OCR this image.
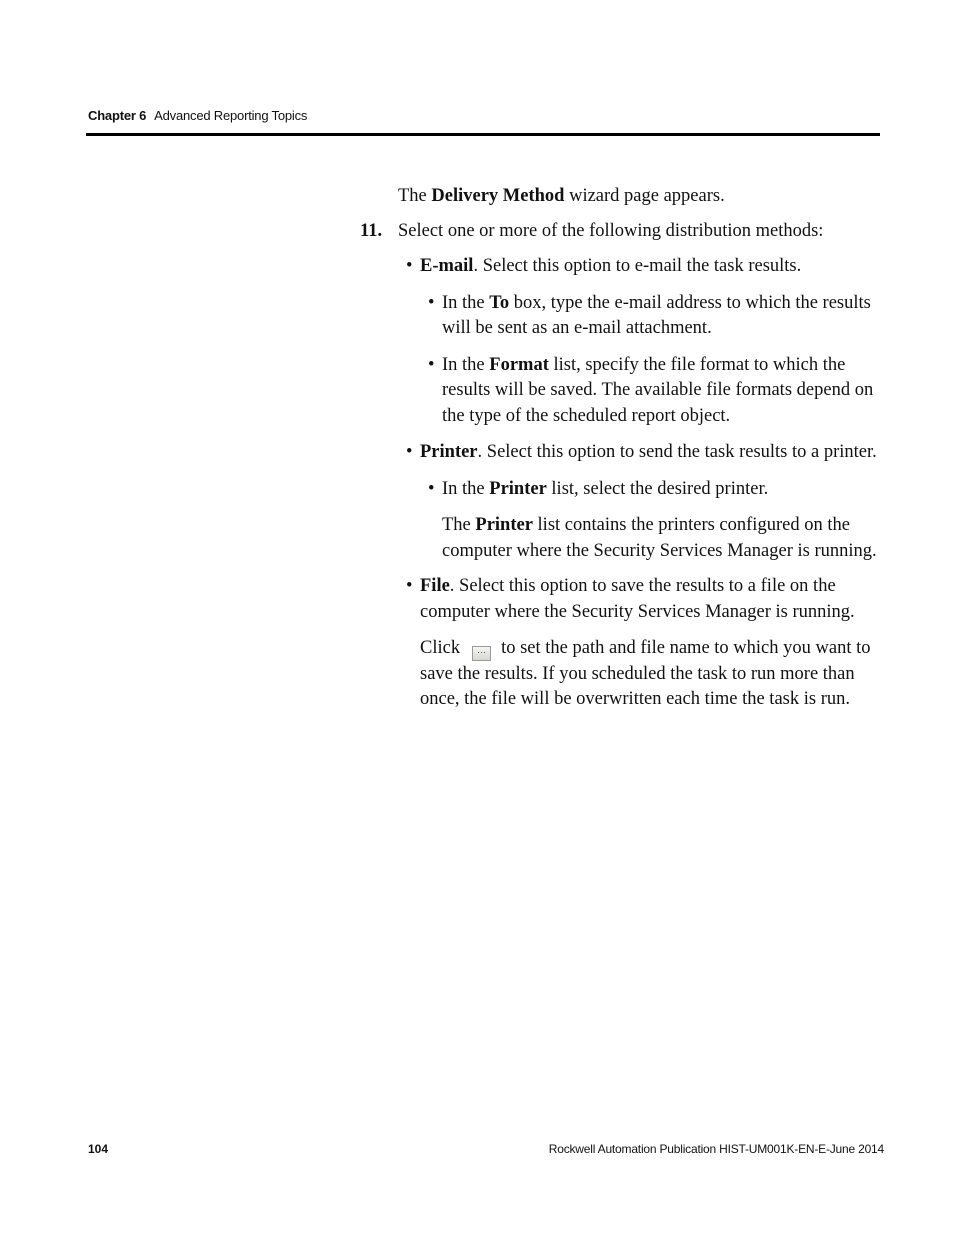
Chapter 6 Advanced Reporting Topics

The Delivery Method wizard page appears.

11. Select one or more of the following distribution methods:
• E-mail. Select this option to e-mail the task results.
• In the To box, type the e-mail address to which the results will be sent as an e-mail attachment.
• In the Format list, specify the file format to which the results will be saved. The available file formats depend on the type of the scheduled report object.
• Printer. Select this option to send the task results to a printer.
• In the Printer list, select the desired printer.

The Printer list contains the printers configured on the computer where the Security Services Manager is running.

• File. Select this option to save the results to a file on the computer where the Security Services Manager is running.

Click ··· to set the path and file name to which you want to save the results. If you scheduled the task to run more than once, the file will be overwritten each time the task is run.

104	Rockwell Automation Publication HIST-UM001K-EN-E-June 2014
